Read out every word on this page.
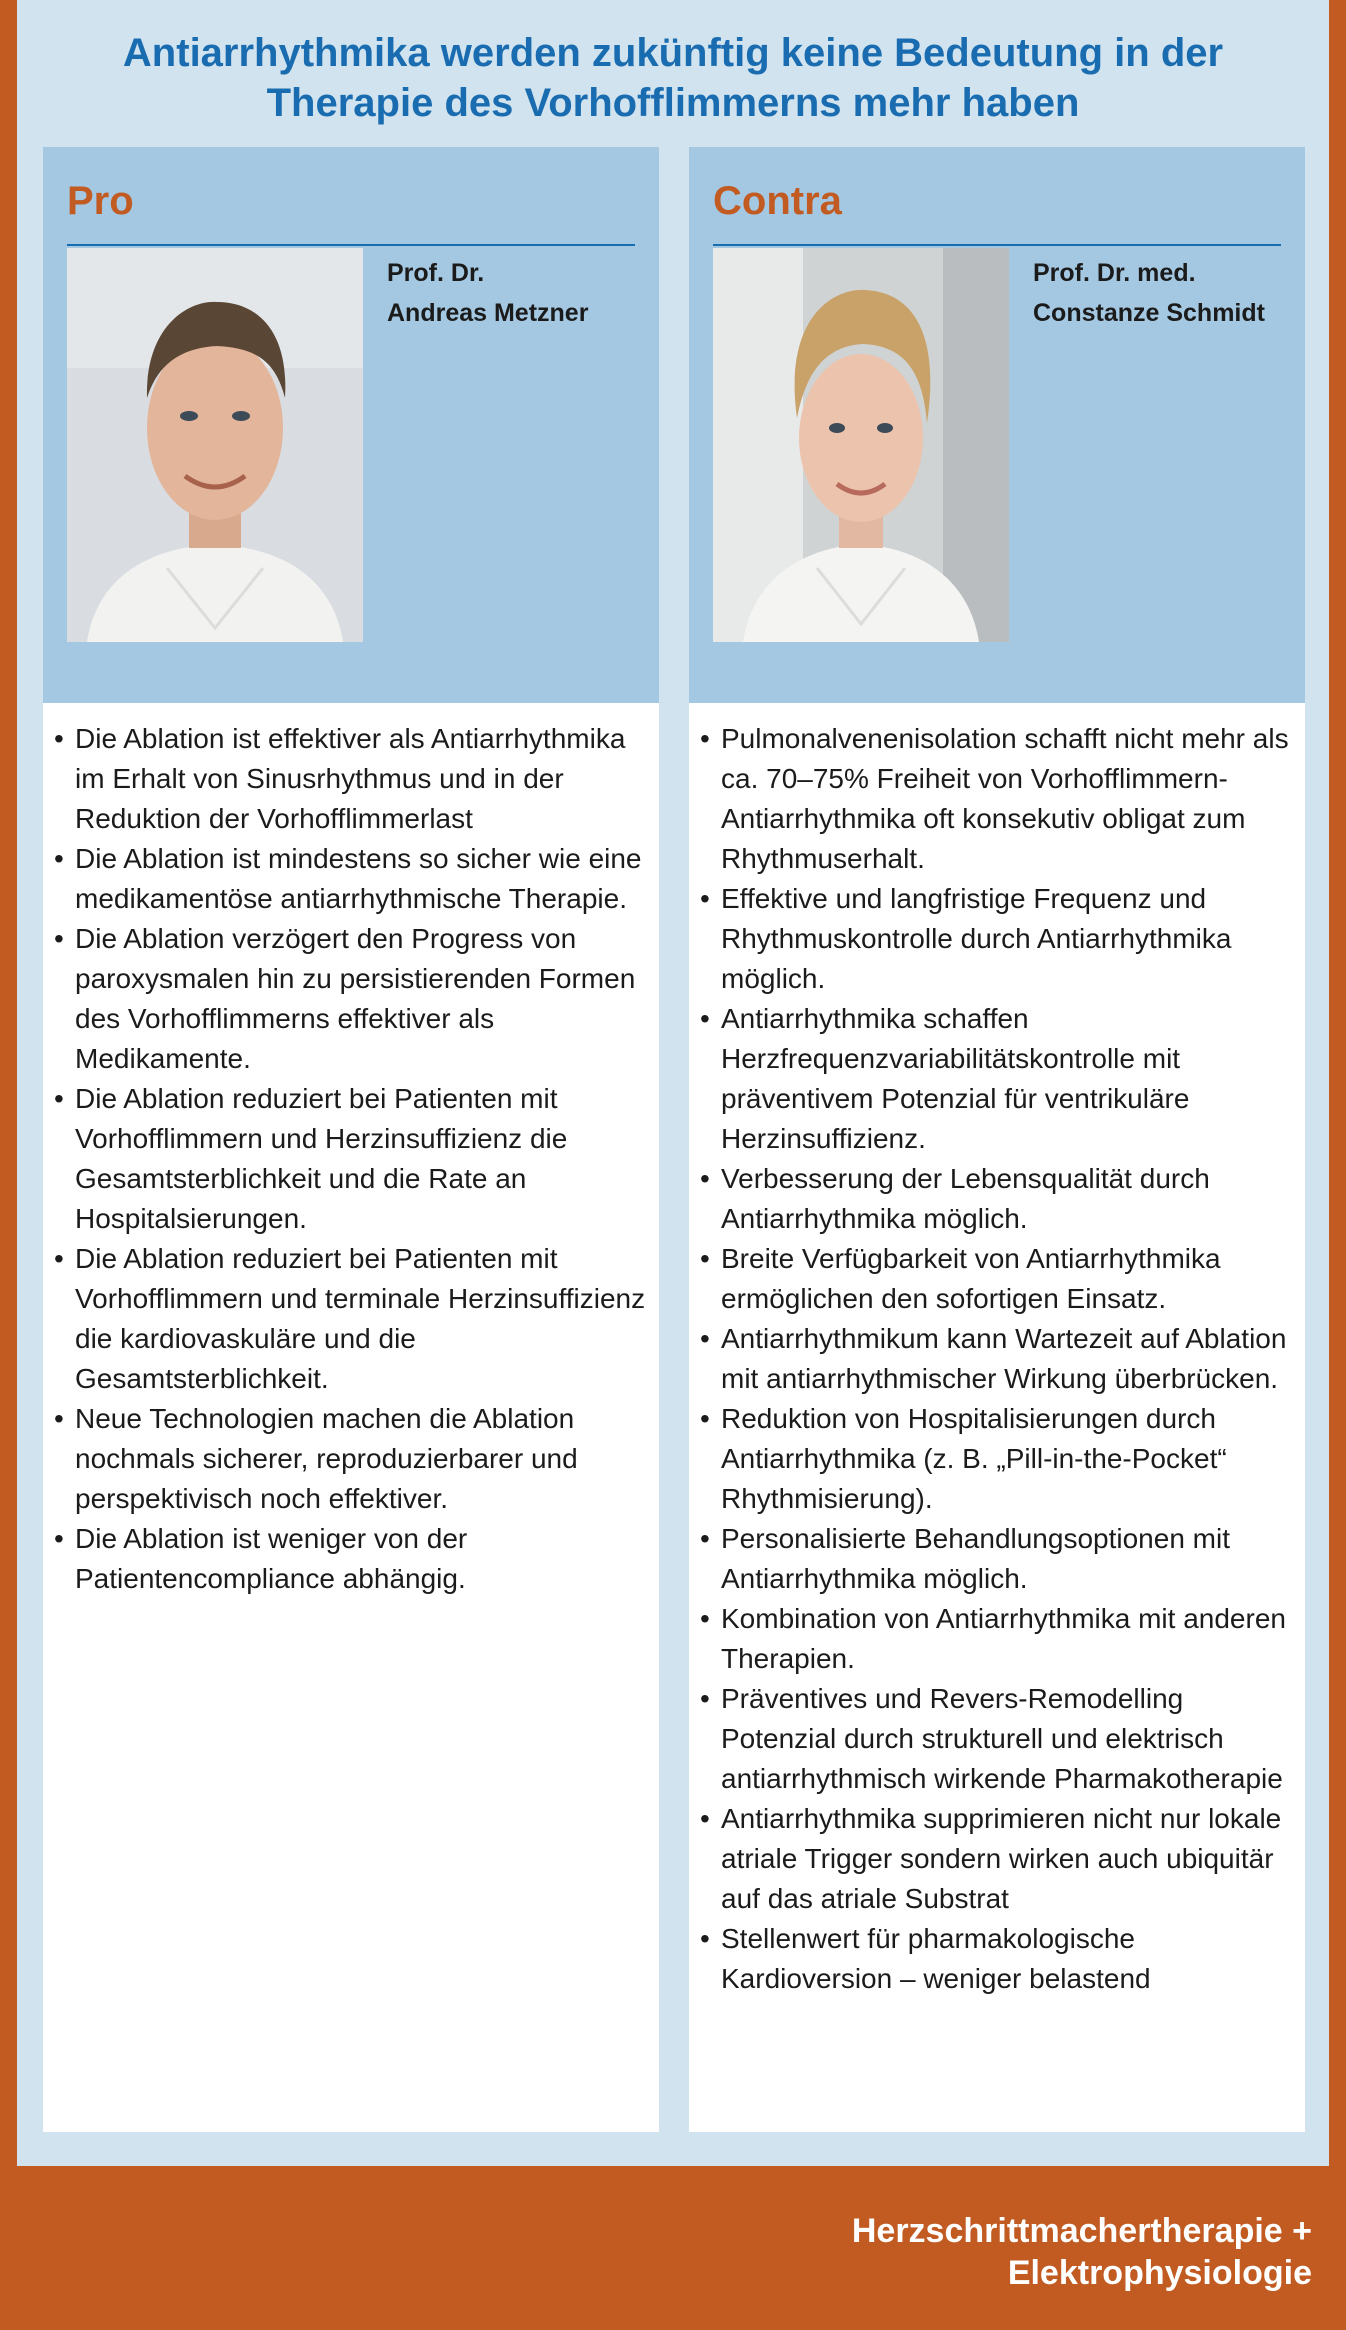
Antiarrhythmika werden zukünftig keine Bedeutung in der
Therapie des Vorhofflimmerns mehr haben
Pro
Prof. Dr.
Andreas Metzner
• Die Ablation ist effektiver als Antiarrhythmika im Erhalt von Sinusrhythmus und in der Reduktion der Vorhofflimmerlast
• Die Ablation ist mindestens so sicher wie eine medikamentöse antiarrhythmische Therapie.
• Die Ablation verzögert den Progress von paroxysmalen hin zu persistierenden Formen des Vorhofflimmerns effektiver als Medikamente.
• Die Ablation reduziert bei Patienten mit Vorhofflimmern und Herzinsuffizienz die Gesamtsterblichkeit und die Rate an Hospitalsierungen.
• Die Ablation reduziert bei Patienten mit Vorhofflimmern und terminale Herzinsuffizienz die kardiovaskuläre und die Gesamtsterblichkeit.
• Neue Technologien machen die Ablation nochmals sicherer, reproduzierbarer und perspektivisch noch effektiver.
• Die Ablation ist weniger von der Patientencompliance abhängig.
Contra
Prof. Dr. med.
Constanze Schmidt
• Pulmonalvenenisolation schafft nicht mehr als ca. 70–75% Freiheit von Vorhofflimmern- Antiarrhythmika oft konsekutiv obligat zum Rhythmuserhalt.
• Effektive und langfristige Frequenz und Rhythmuskontrolle durch Antiarrhythmika möglich.
• Antiarrhythmika schaffen Herzfrequenzvariabilitätskontrolle mit präventivem Potenzial für ventrikuläre Herzinsuffizienz.
• Verbesserung der Lebensqualität durch Antiarrhythmika möglich.
• Breite Verfügbarkeit von Antiarrhythmika ermöglichen den sofortigen Einsatz.
• Antiarrhythmikum kann Wartezeit auf Ablation mit antiarrhythmischer Wirkung überbrücken.
• Reduktion von Hospitalisierungen durch Antiarrhythmika (z. B. „Pill-in-the-Pocket“ Rhythmisierung).
• Personalisierte Behandlungsoptionen mit Antiarrhythmika möglich.
• Kombination von Antiarrhythmika mit anderen Therapien.
• Präventives und Revers-Remodelling Potenzial durch strukturell und elektrisch antiarrhythmisch wirkende Pharmakotherapie
• Antiarrhythmika supprimieren nicht nur lokale atriale Trigger sondern wirken auch ubiquitär auf das atriale Substrat
• Stellenwert für pharmakologische Kardioversion – weniger belastend
Herzschrittmachertherapie +
Elektrophysiologie
